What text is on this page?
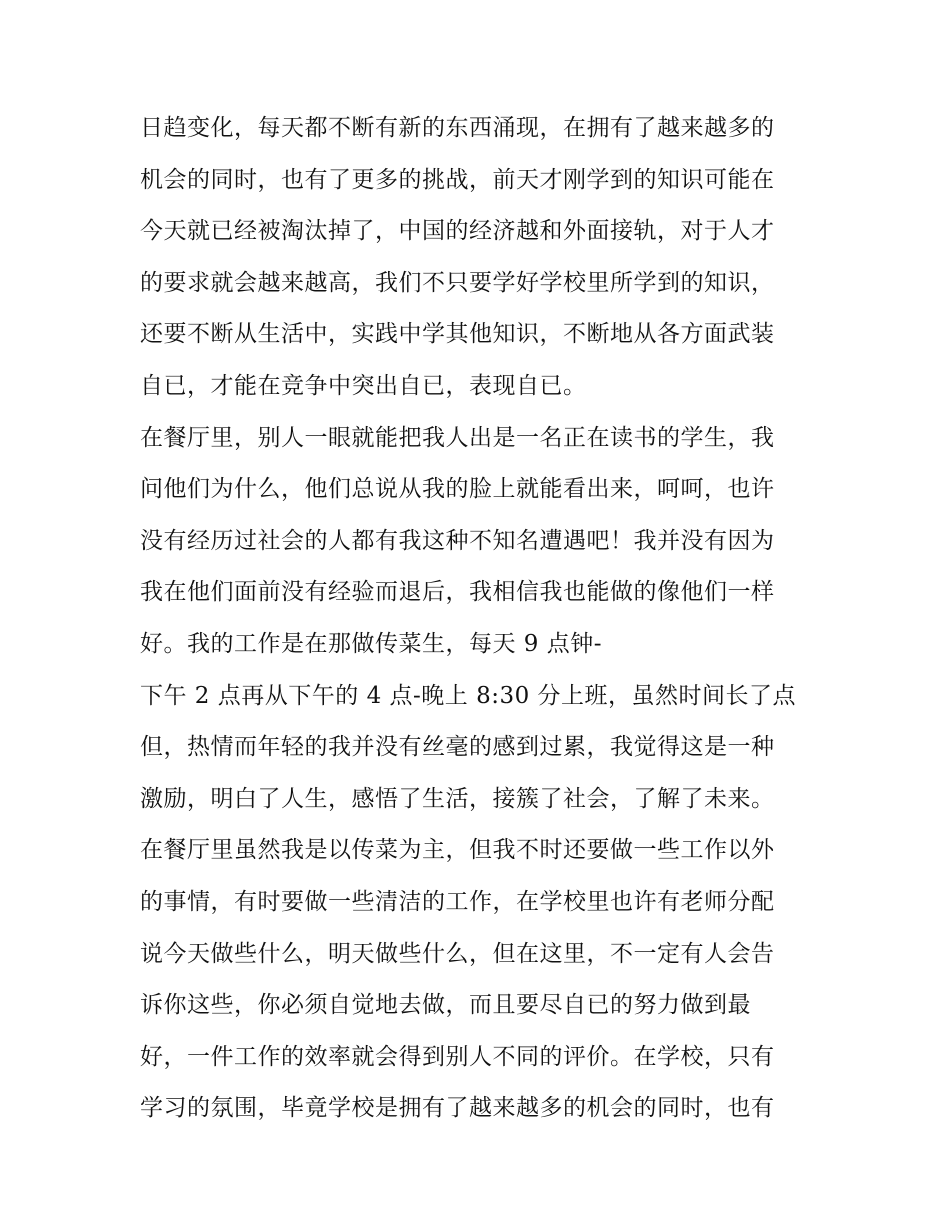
日趋变化，每天都不断有新的东西涌现，在拥有了越来越多的
机会的同时，也有了更多的挑战，前天才刚学到的知识可能在
今天就已经被淘汰掉了，中国的经济越和外面接轨，对于人才
的要求就会越来越高，我们不只要学好学校里所学到的知识，
还要不断从生活中，实践中学其他知识，不断地从各方面武装
自已，才能在竞争中突出自已，表现自已。
在餐厅里，别人一眼就能把我人出是一名正在读书的学生，我
问他们为什么，他们总说从我的脸上就能看出来，呵呵，也许
没有经历过社会的人都有我这种不知名遭遇吧！我并没有因为
我在他们面前没有经验而退后，我相信我也能做的像他们一样
好。我的工作是在那做传菜生，每天 9 点钟-
下午 2 点再从下午的 4 点-晚上 8:30 分上班，虽然时间长了点
但，热情而年轻的我并没有丝毫的感到过累，我觉得这是一种
激励，明白了人生，感悟了生活，接簇了社会，了解了未来。
在餐厅里虽然我是以传菜为主，但我不时还要做一些工作以外
的事情，有时要做一些清洁的工作，在学校里也许有老师分配
说今天做些什么，明天做些什么，但在这里，不一定有人会告
诉你这些，你必须自觉地去做，而且要尽自已的努力做到最
好，一件工作的效率就会得到别人不同的评价。在学校，只有
学习的氛围，毕竟学校是拥有了越来越多的机会的同时，也有
